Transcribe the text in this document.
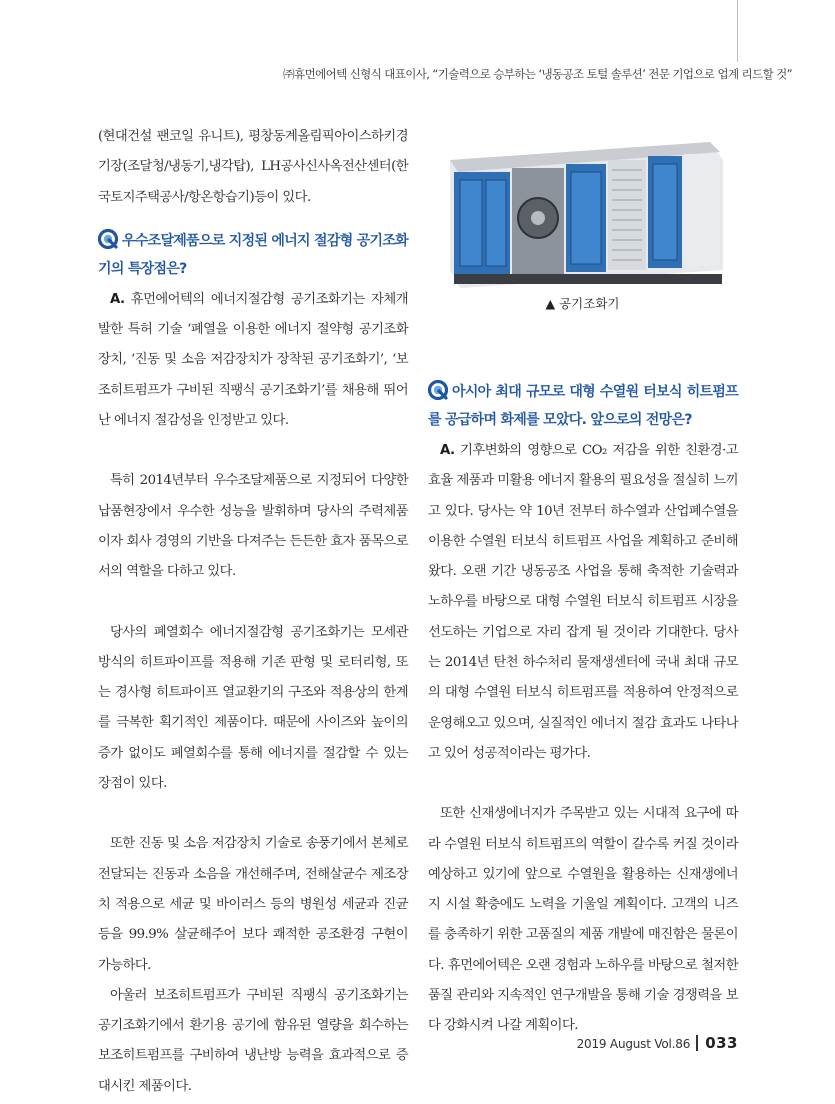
㈜휴먼에어텍 신형식 대표이사, “기술력으로 승부하는 ‘냉동공조 토털 솔루션’ 전문 기업으로 업계 리드할 것”

(현대건설 팬코일 유니트), 평창동계올림픽아이스하키경기장(조달청/냉동기,냉각탑), LH공사신사옥전산센터(한국토지주택공사/항온항습기)등이 있다.

우수조달제품으로 지정된 에너지 절감형 공기조화기의 특장점은?

A. 휴먼에어텍의 에너지절감형 공기조화기는 자체개발한 특허 기술 ‘폐열을 이용한 에너지 절약형 공기조화장치, ‘진동 및 소음 저감장치가 장착된 공기조화기’, ‘보조히트펌프가 구비된 직팽식 공기조화기’를 채용해 뛰어난 에너지 절감성을 인정받고 있다.

특히 2014년부터 우수조달제품으로 지정되어 다양한 납품현장에서 우수한 성능을 발휘하며 당사의 주력제품이자 회사 경영의 기반을 다져주는 든든한 효자 품목으로서의 역할을 다하고 있다.

당사의 폐열회수 에너지절감형 공기조화기는 모세관 방식의 히트파이프를 적용해 기존 판형 및 로터리형, 또는 경사형 히트파이프 열교환기의 구조와 적용상의 한계를 극복한 획기적인 제품이다. 때문에 사이즈와 높이의 증가 없이도 폐열회수를 통해 에너지를 절감할 수 있는 장점이 있다.

또한 진동 및 소음 저감장치 기술로 송풍기에서 본체로 전달되는 진동과 소음을 개선해주며, 전해살균수 제조장치 적용으로 세균 및 바이러스 등의 병원성 세균과 진균 등을 99.9% 살균해주어 보다 쾌적한 공조환경 구현이 가능하다.

아울러 보조히트펌프가 구비된 직팽식 공기조화기는 공기조화기에서 환기용 공기에 함유된 열량을 회수하는 보조히트펌프를 구비하여 냉난방 능력을 효과적으로 증대시킨 제품이다.

▲ 공기조화기
아시아 최대 규모로 대형 수열원 터보식 히트펌프를 공급하며 화제를 모았다. 앞으로의 전망은?

A. 기후변화의 영향으로 CO₂ 저감을 위한 친환경·고효율 제품과 미활용 에너지 활용의 필요성을 절실히 느끼고 있다. 당사는 약 10년 전부터 하수열과 산업폐수열을 이용한 수열원 터보식 히트펌프 사업을 계획하고 준비해왔다. 오랜 기간 냉동공조 사업을 통해 축적한 기술력과 노하우를 바탕으로 대형 수열원 터보식 히트펌프 시장을 선도하는 기업으로 자리 잡게 될 것이라 기대한다. 당사는 2014년 탄천 하수처리 물재생센터에 국내 최대 규모의 대형 수열원 터보식 히트펌프를 적용하여 안정적으로 운영해오고 있으며, 실질적인 에너지 절감 효과도 나타나고 있어 성공적이라는 평가다.

또한 신재생에너지가 주목받고 있는 시대적 요구에 따라 수열원 터보식 히트펌프의 역할이 갈수록 커질 것이라 예상하고 있기에 앞으로 수열원을 활용하는 신재생에너지 시설 확충에도 노력을 기울일 계획이다. 고객의 니즈를 충족하기 위한 고품질의 제품 개발에 매진함은 물론이다. 휴먼에어텍은 오랜 경험과 노하우를 바탕으로 철저한 품질 관리와 지속적인 연구개발을 통해 기술 경쟁력을 보다 강화시켜 나갈 계획이다.

2019 August Vol.86 033
